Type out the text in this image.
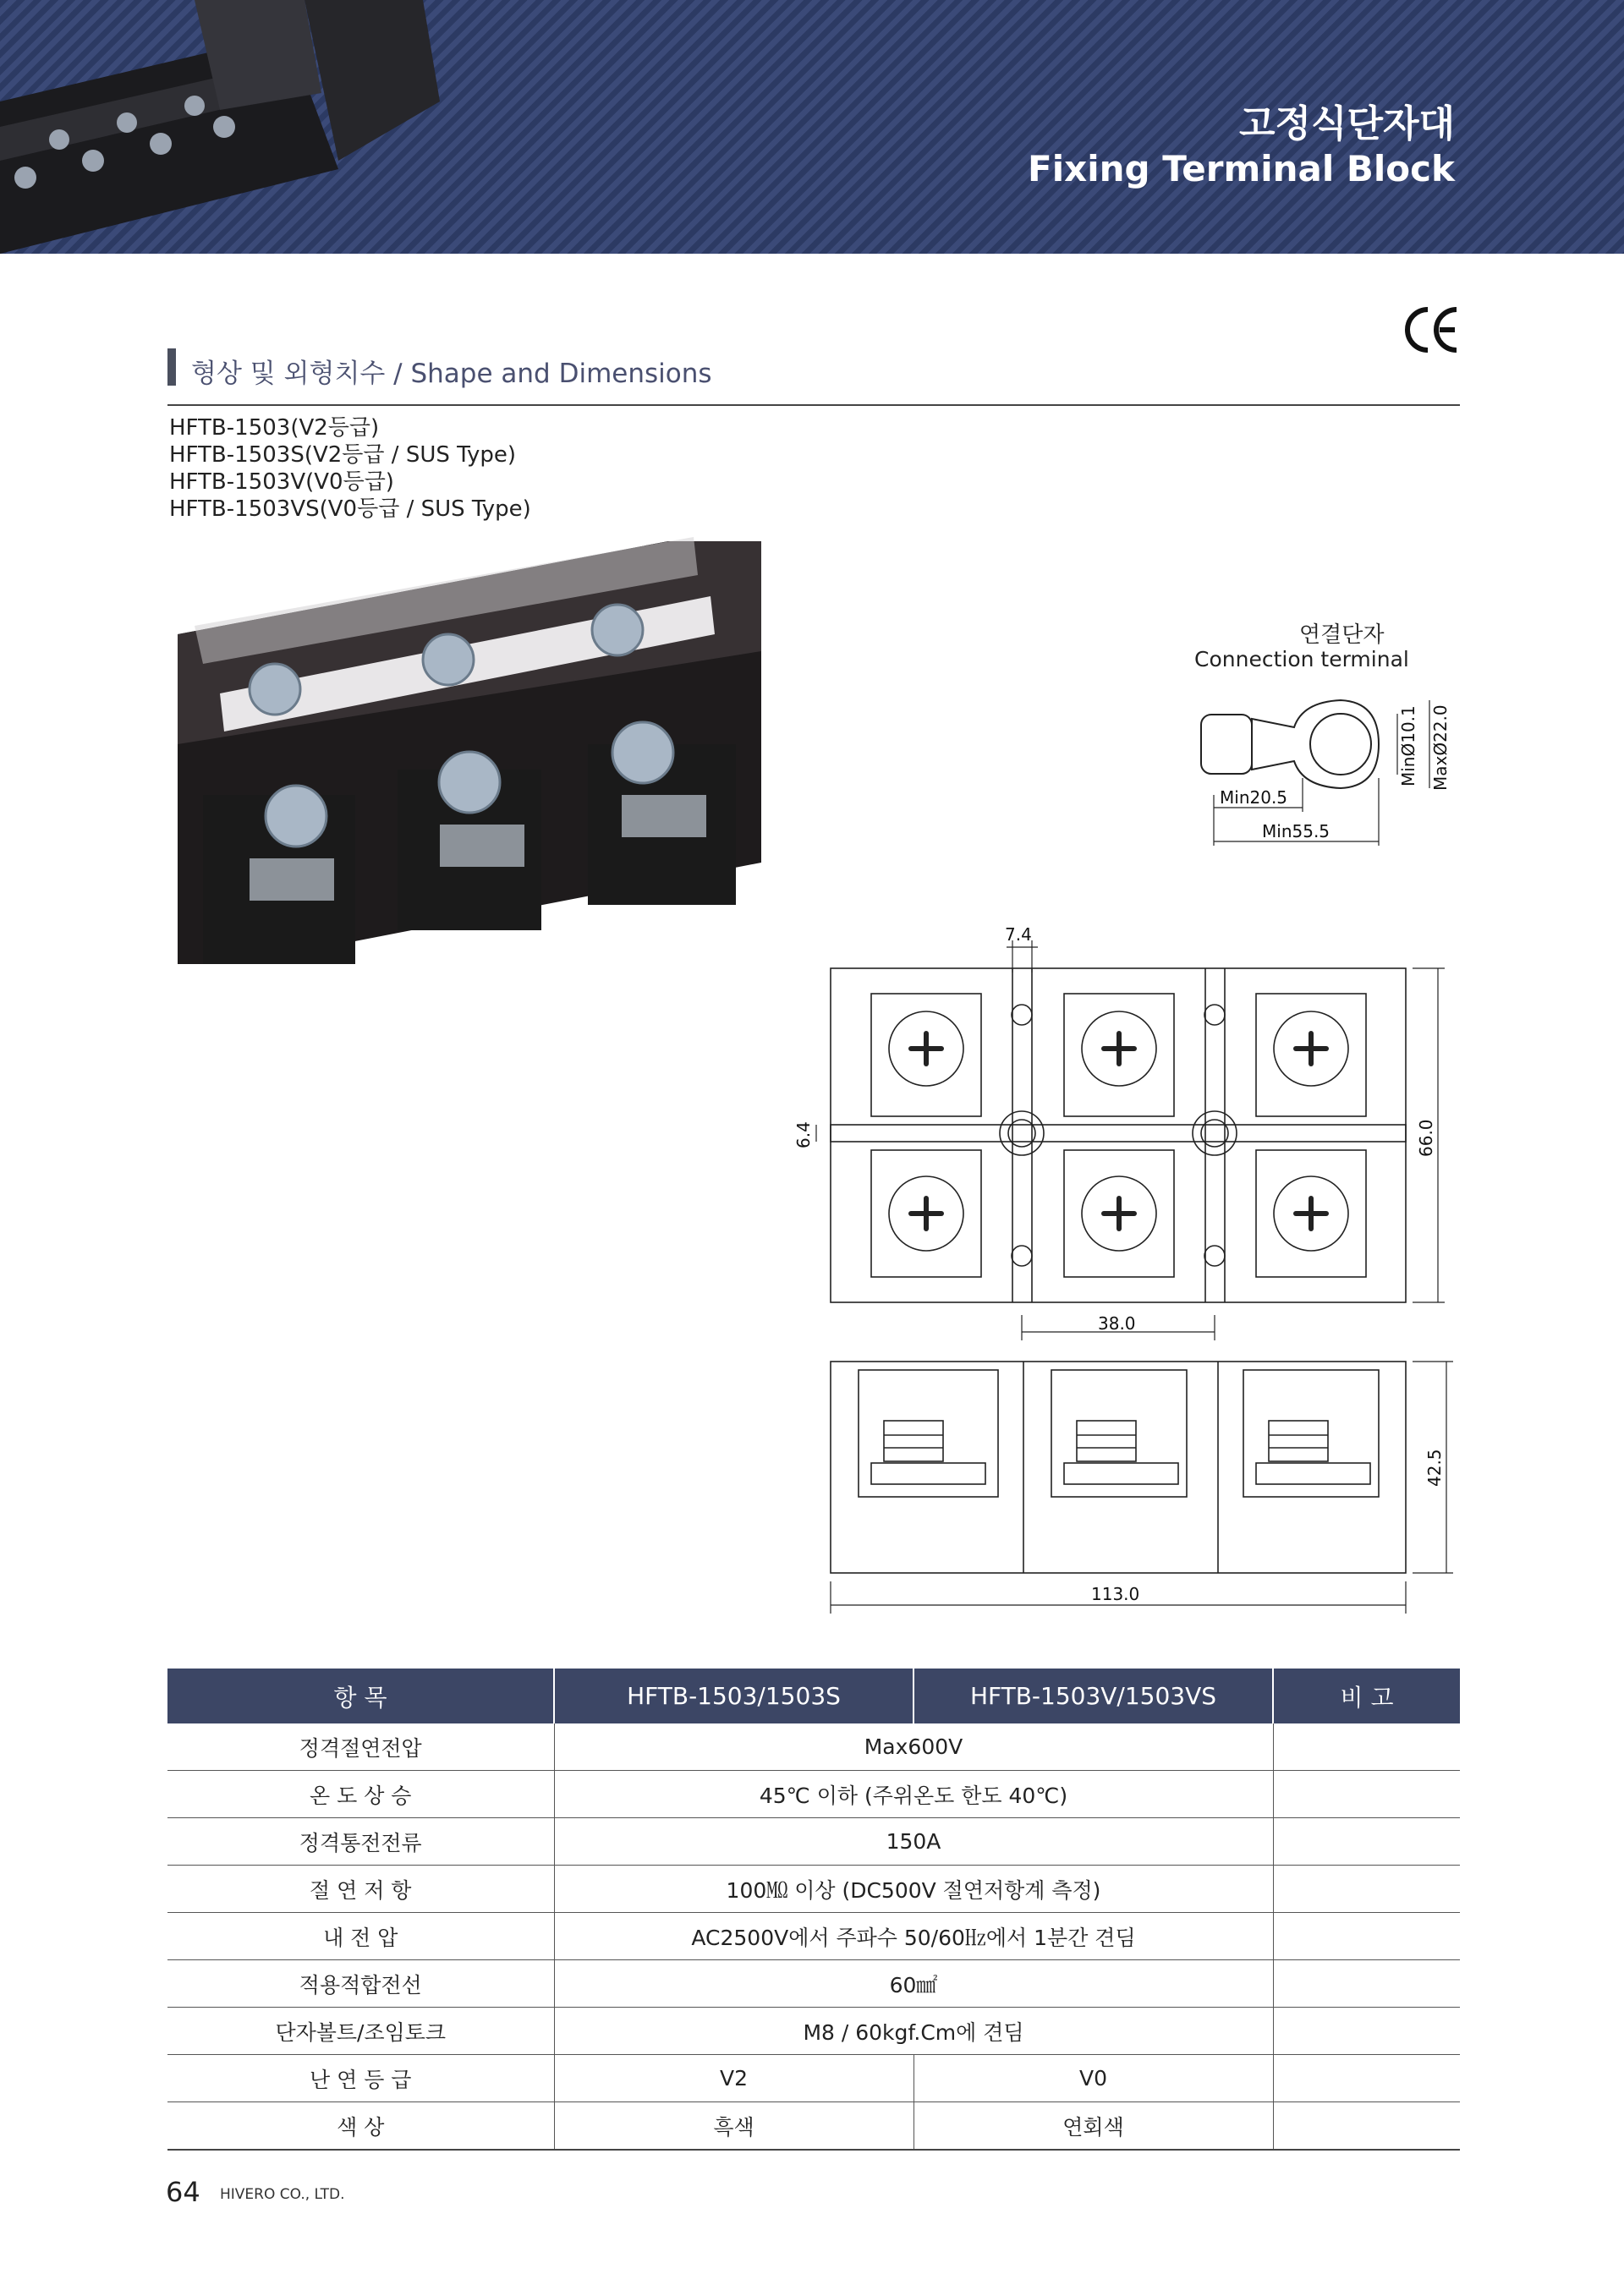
고정식단자대
Fixing Terminal Block
형상 및 외형치수 / Shape and Dimensions
HFTB-1503(V2등급)
HFTB-1503S(V2등급 / SUS Type)
HFTB-1503V(V0등급)
HFTB-1503VS(V0등급 / SUS Type)
연결단자
Connection terminal
Min20.5
Min55.5
MinØ10.1 MaxØ22.0
7.4
6.4	66.0
38.0
42.5
113.0
항 목	HFTB-1503/1503S	HFTB-1503V/1503VS	비 고
정격절연전압	Max600V		
온 도 상 승	45℃ 이하 (주위온도 한도 40℃)		
정격통전전류	150A		
절 연 저 항	100㏁ 이상 (DC500V 절연저항계 측정)		
내 전 압	AC2500V에서 주파수 50/60㎐에서 1분간 견딤		
적용적합전선	60㎟		
단자볼트/조임토크	M8 / 60kgf.Cm에 견딤		
난 연 등 급	V2	V0	
색 상	흑색	연회색	
64 HIVERO CO., LTD.
